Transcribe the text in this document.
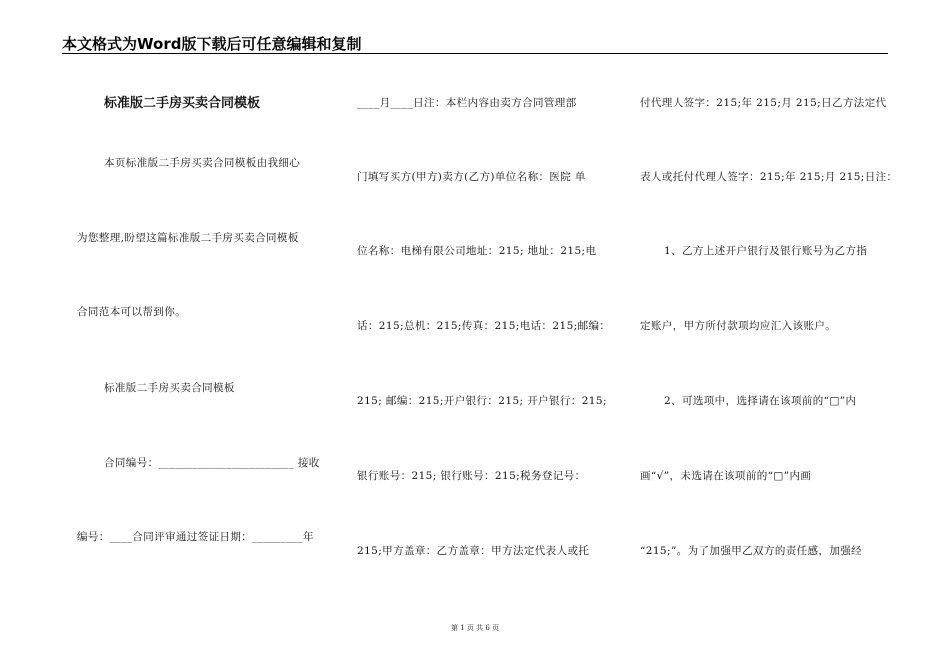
本文格式为Word版下载后可任意编辑和复制
标准版二手房买卖合同模板
本页标准版二手房买卖合同模板由我细心
为您整理,盼望这篇标准版二手房买卖合同模板
合同范本可以帮到你。
标准版二手房买卖合同模板
合同编号：________________________ 接收
编号：____合同评审通过签证日期：_________年
____月____日注：本栏内容由卖方合同管理部
门填写买方(甲方)卖方(乙方)单位名称：医院 单
位名称：电梯有限公司地址：215; 地址：215;电
话：215;总机：215;传真：215;电话：215;邮编：
215; 邮编：215;开户银行：215; 开户银行：215;
银行账号：215; 银行账号：215;税务登记号：
215;甲方盖章：乙方盖章：甲方法定代表人或托
付代理人签字：215;年 215;月 215;日乙方法定代
表人或托付代理人签字：215;年 215;月 215;日注：
1、乙方上述开户银行及银行账号为乙方指
定账户，甲方所付款项均应汇入该账户。
2、可选项中，选择请在该项前的“□”内
画“√”，未选请在该项前的“□”内画
“215;”。为了加强甲乙双方的责任感，加强经
第 1 页 共 6 页
